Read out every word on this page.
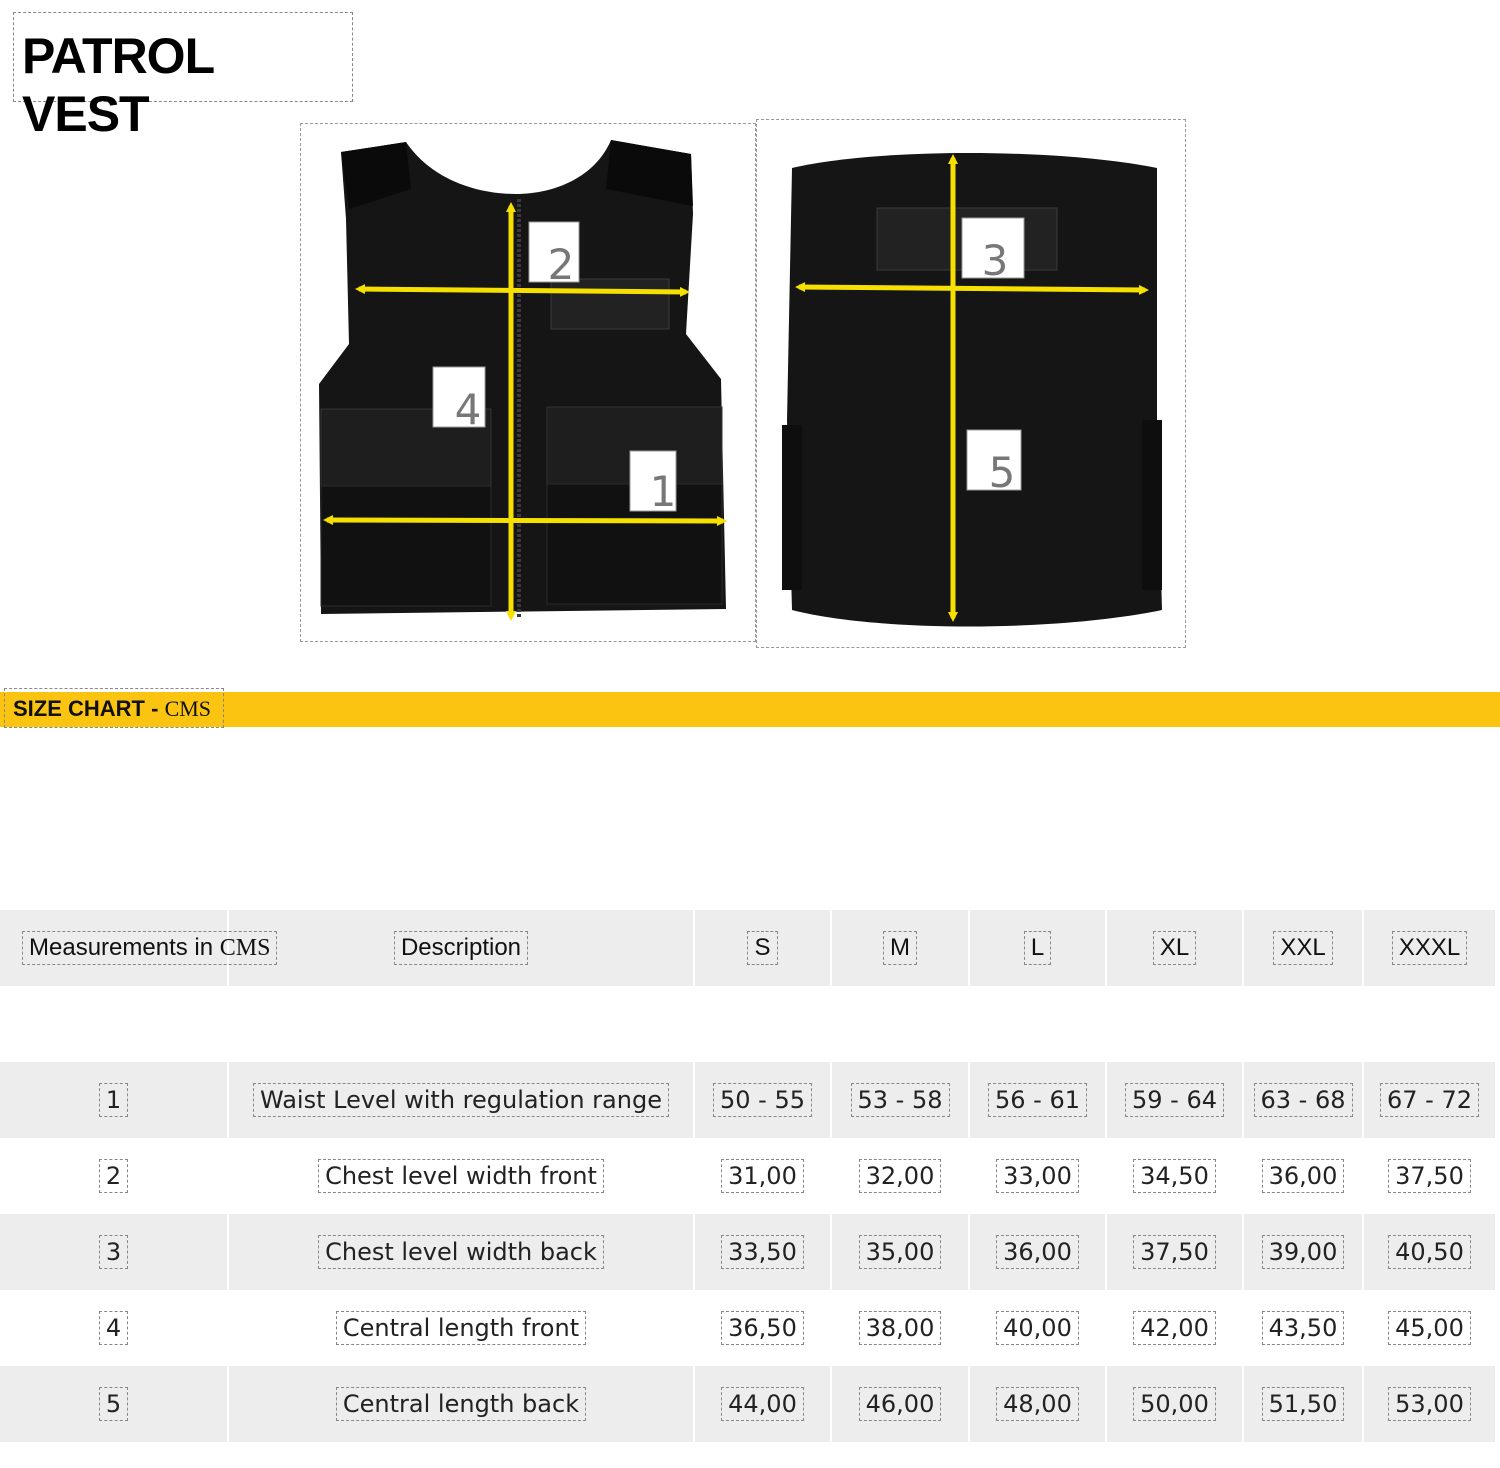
PATROL VEST
2
4
1
3
5
SIZE CHART - CMS
Measurements in CMS	Description	S	M	L	XL	XXL	XXXL

1	Waist Level with regulation range	50 - 55	53 - 58	56 - 61	59 - 64	63 - 68	67 - 72
2	Chest level width front	31,00	32,00	33,00	34,50	36,00	37,50
3	Chest level width back	33,50	35,00	36,00	37,50	39,00	40,50
4	Central length front	36,50	38,00	40,00	42,00	43,50	45,00
5	Central length back	44,00	46,00	48,00	50,00	51,50	53,00
